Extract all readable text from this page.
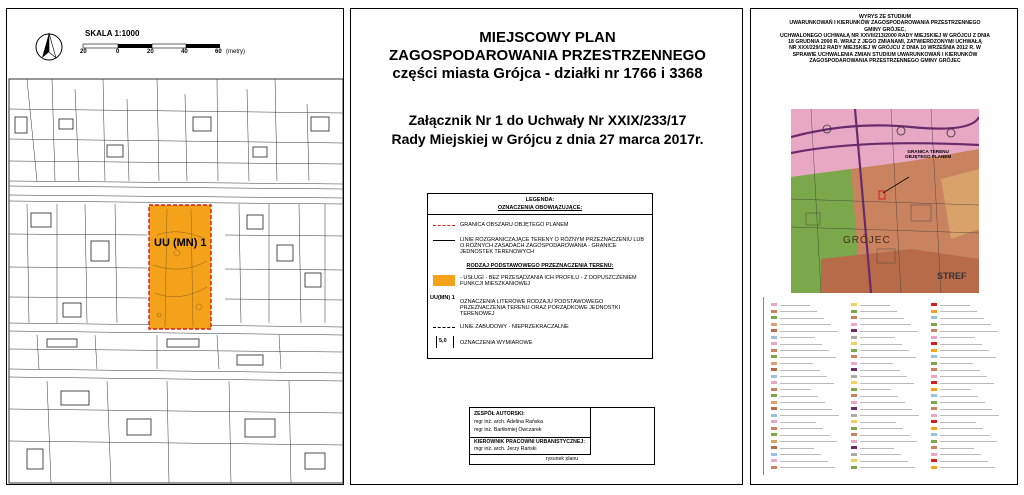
SKALA 1:1000
20	0	20	40	60 (metry)
UU (MN) 1
MIEJSCOWY PLAN
ZAGOSPODAROWANIA PRZESTRZENNEGO
części miasta Grójca - działki nr 1766 i 3368
Załącznik Nr 1 do Uchwały Nr XXIX/233/17
Rady Miejskiej w Grójcu z dnia 27 marca 2017r.
LEGENDA:
OZNACZENIA OBOWIĄZUJĄCE:
GRANICA OBSZARU OBJĘTEGO PLANEM
LINIE ROZGRANICZAJĄCE TERENY O RÓŻNYM PRZEZNACZENIU LUB O RÓŻNYCH ZASADACH ZAGOSPODAROWANIA - GRANICE JEDNOSTEK TERENOWYCH
RODZAJ PODSTAWOWEGO PRZEZNACZENIA TERENU:
- USŁUGI - BEZ PRZESĄDZANIA ICH PROFILU - Z DOPUSZCZENIEM FUNKCJI MIESZKANIOWEJ
UU(MN) 1
OZNACZENIA LITEROWE RODZAJU PODSTAWOWEGO PRZEZNACZENIA TERENU ORAZ PORZĄDKOWE JEDNOSTKI TERENOWEJ
LINIE ZABUDOWY - NIEPRZEKRACZALNE
5,0 OZNACZENIA WYMIAROWE
ZESPÓŁ AUTORSKI:
mgr inż. arch. Adelina Rańska
mgr inż. Bartłomiej Owczarek
KIEROWNIK PRACOWNI URBANISTYCZNEJ:
mgr inż. arch. Jerzy Rański
rysunek planu
WYRYS ZE STUDIUM
UWARUNKOWAŃ I KIERUNKÓW ZAGOSPODAROWANIA PRZESTRZENNEGO
GMINY GRÓJEC,
UCHWALONEGO UCHWAŁĄ NR XXVII/213/2000 RADY MIEJSKIEJ W GRÓJCU Z DNIA
18 GRUDNIA 2000 R. WRAZ Z JEGO ZMIANAMI, ZATWIERDZONYMI UCHWAŁĄ
NR XXX/229/12 RADY MIEJSKIEJ W GRÓJCU Z DNIA 10 WRZEŚNIA 2012 R. W
SPRAWIE UCHWALENIA ZMIAN STUDIUM UWARUNKOWAŃ I KIERUNKÓW
ZAGOSPODAROWANIA PRZESTRZENNEGO GMINY GRÓJEC
GRANICA TERENU
OBJĘTEGO PLANEM
GRÓJEC
STREF
